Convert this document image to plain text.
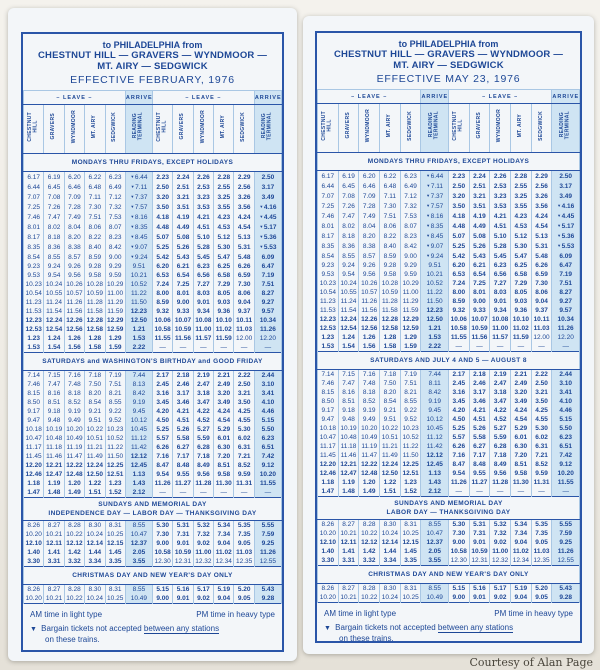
to PHILADELPHIA from
CHESTNUT HILL — GRAVERS — WYNDMOOR —
MT. AIRY — SEDGWICK
EFFECTIVE FEBRUARY, 1976
– LEAVE –					ARRIVE	– LEAVE –					ARRIVE
CHESTNUT
HILL	GRAVERS	WYNDMOOR	MT. AIRY	SEDGWICK	READING
TERMINAL	CHESTNUT
HILL	GRAVERS	WYNDMOOR	MT. AIRY	SEDGWICK	READING
TERMINAL
MONDAYS THRU FRIDAYS, EXCEPT HOLIDAYS											
6.17	6.19	6.20	6.22	6.23	▼6.44	2.23	2.24	2.26	2.28	2.29	2.50
6.44	6.45	6.46	6.48	6.49	▼7.11	2.50	2.51	2.53	2.55	2.56	3.17
7.07	7.08	7.09	7.11	7.12	▼7.37	3.20	3.21	3.23	3.25	3.26	3.49
7.25	7.26	7.28	7.30	7.32	▼7.57	3.50	3.51	3.53	3.55	3.56	▼4.16
7.46	7.47	7.49	7.51	7.53	▼8.16	4.18	4.19	4.21	4.23	4.24	▼4.45
8.01	8.02	8.04	8.06	8.07	▼8.35	4.48	4.49	4.51	4.53	4.54	▼5.17
8.17	8.18	8.20	8.22	8.23	▼8.45	5.07	5.08	5.10	5.12	5.13	▼5.36
8.35	8.36	8.38	8.40	8.42	▼9.07	5.25	5.26	5.28	5.30	5.31	▼5.53
8.54	8.55	8.57	8.59	9.00	▼9.24	5.42	5.43	5.45	5.47	5.48	6.09
9.23	9.24	9.26	9.28	9.29	9.51	6.20	6.21	6.23	6.25	6.26	6.47
9.53	9.54	9.56	9.58	9.59	10.21	6.53	6.54	6.56	6.58	6.59	7.19
10.23	10.24	10.26	10.28	10.29	10.52	7.24	7.25	7.27	7.29	7.30	7.51
10.54	10.55	10.57	10.59	11.00	11.22	8.00	8.01	8.03	8.05	8.06	8.27
11.23	11.24	11.26	11.28	11.29	11.50	8.59	9.00	9.01	9.03	9.04	9.27
11.53	11.54	11.56	11.58	11.59	12.23	9.32	9.33	9.34	9.36	9.37	9.57
12.23	12.24	12.26	12.28	12.29	12.50	10.06	10.07	10.08	10.10	10.11	10.34
12.53	12.54	12.56	12.58	12.59	1.21	10.58	10.59	11.00	11.02	11.03	11.26
1.23	1.24	1.26	1.28	1.29	1.53	11.55	11.56	11.57	11.59	12.00	12.20
1.53	1.54	1.56	1.58	1.59	2.22	—	—	—	—	—	—
SATURDAYS and WASHINGTON'S BIRTHDAY and GOOD FRIDAY											
7.14	7.15	7.16	7.18	7.19	7.44	2.17	2.18	2.19	2.21	2.22	2.44
7.46	7.47	7.48	7.50	7.51	8.13	2.45	2.46	2.47	2.49	2.50	3.10
8.15	8.16	8.18	8.20	8.21	8.42	3.16	3.17	3.18	3.20	3.21	3.41
8.50	8.51	8.52	8.54	8.55	9.19	3.45	3.46	3.47	3.49	3.50	4.10
9.17	9.18	9.19	9.21	9.22	9.45	4.20	4.21	4.22	4.24	4.25	4.46
9.47	9.48	9.49	9.51	9.52	10.12	4.50	4.51	4.52	4.54	4.55	5.15
10.18	10.19	10.20	10.22	10.23	10.45	5.25	5.26	5.27	5.29	5.30	5.50
10.47	10.48	10.49	10.51	10.52	11.12	5.57	5.58	5.59	6.01	6.02	6.23
11.17	11.18	11.19	11.21	11.22	11.42	6.26	6.27	6.28	6.30	6.31	6.51
11.45	11.46	11.47	11.49	11.50	12.12	7.16	7.17	7.18	7.20	7.21	7.42
12.20	12.21	12.22	12.24	12.25	12.45	8.47	8.48	8.49	8.51	8.52	9.12
12.46	12.47	12.48	12.50	12.51	1.13	9.54	9.55	9.56	9.58	9.59	10.20
1.18	1.19	1.20	1.22	1.23	1.43	11.26	11.27	11.28	11.30	11.31	11.55
1.47	1.48	1.49	1.51	1.52	2.12	—	—	—	—	—	—
SUNDAYS AND MEMORIAL DAY
INDEPENDENCE DAY — LABOR DAY — THANKSGIVING DAY											
8.26	8.27	8.28	8.30	8.31	8.55	5.30	5.31	5.32	5.34	5.35	5.55
10.20	10.21	10.22	10.24	10.25	10.47	7.30	7.31	7.32	7.34	7.35	7.59
12.10	12.11	12.12	12.14	12.15	12.37	9.00	9.01	9.02	9.04	9.05	9.25
1.40	1.41	1.42	1.44	1.45	2.05	10.58	10.59	11.00	11.02	11.03	11.26
3.30	3.31	3.32	3.34	3.35	3.55	12.30	12.31	12.32	12.34	12.35	12.55
CHRISTMAS DAY AND NEW YEAR'S DAY ONLY											
8.26	8.27	8.28	8.30	8.31	8.55	5.15	5.16	5.17	5.19	5.20	5.43
10.20	10.21	10.22	10.24	10.25	10.49	9.00	9.01	9.02	9.04	9.05	9.28
AM time in light type	PM time in heavy type
▼ Bargain tickets not accepted between any stations
on these trains.
to PHILADELPHIA from
CHESTNUT HILL — GRAVERS — WYNDMOOR —
MT. AIRY — SEDGWICK
EFFECTIVE MAY 23, 1976
– LEAVE –					ARRIVE	– LEAVE –					ARRIVE
CHESTNUT
HILL	GRAVERS	WYNDMOOR	MT. AIRY	SEDGWICK	READING
TERMINAL	CHESTNUT
HILL	GRAVERS	WYNDMOOR	MT. AIRY	SEDGWICK	READING
TERMINAL
MONDAYS THRU FRIDAYS, EXCEPT HOLIDAYS											
6.17	6.19	6.20	6.22	6.23	▼6.44	2.23	2.24	2.26	2.28	2.29	2.50
6.44	6.45	6.46	6.48	6.49	▼7.11	2.50	2.51	2.53	2.55	2.56	3.17
7.07	7.08	7.09	7.11	7.12	▼7.37	3.20	3.21	3.23	3.25	3.26	3.49
7.25	7.26	7.28	7.30	7.32	▼7.57	3.50	3.51	3.53	3.55	3.56	▼4.16
7.46	7.47	7.49	7.51	7.53	▼8.16	4.18	4.19	4.21	4.23	4.24	▼4.45
8.01	8.02	8.04	8.06	8.07	▼8.35	4.48	4.49	4.51	4.53	4.54	▼5.17
8.17	8.18	8.20	8.22	8.23	▼8.45	5.07	5.08	5.10	5.12	5.13	▼5.36
8.35	8.36	8.38	8.40	8.42	▼9.07	5.25	5.26	5.28	5.30	5.31	▼5.53
8.54	8.55	8.57	8.59	9.00	▼9.24	5.42	5.43	5.45	5.47	5.48	6.09
9.23	9.24	9.26	9.28	9.29	9.51	6.20	6.21	6.23	6.25	6.26	6.47
9.53	9.54	9.56	9.58	9.59	10.21	6.53	6.54	6.56	6.58	6.59	7.19
10.23	10.24	10.26	10.28	10.29	10.52	7.24	7.25	7.27	7.29	7.30	7.51
10.54	10.55	10.57	10.59	11.00	11.22	8.00	8.01	8.03	8.05	8.06	8.27
11.23	11.24	11.26	11.28	11.29	11.50	8.59	9.00	9.01	9.03	9.04	9.27
11.53	11.54	11.56	11.58	11.59	12.23	9.32	9.33	9.34	9.36	9.37	9.57
12.23	12.24	12.26	12.28	12.29	12.50	10.06	10.07	10.08	10.10	10.11	10.34
12.53	12.54	12.56	12.58	12.59	1.21	10.58	10.59	11.00	11.02	11.03	11.26
1.23	1.24	1.26	1.28	1.29	1.53	11.55	11.56	11.57	11.59	12.00	12.20
1.53	1.54	1.56	1.58	1.59	2.22	—	—	—	—	—	—
SATURDAYS AND JULY 4 AND 5 — AUGUST 8											
7.14	7.15	7.16	7.18	7.19	7.44	2.17	2.18	2.19	2.21	2.22	2.44
7.46	7.47	7.48	7.50	7.51	8.11	2.45	2.46	2.47	2.49	2.50	3.10
8.15	8.16	8.18	8.20	8.21	8.42	3.16	3.17	3.18	3.20	3.21	3.41
8.50	8.51	8.52	8.54	8.55	9.19	3.45	3.46	3.47	3.49	3.50	4.10
9.17	9.18	9.19	9.21	9.22	9.45	4.20	4.21	4.22	4.24	4.25	4.46
9.47	9.48	9.49	9.51	9.52	10.12	4.50	4.51	4.52	4.54	4.55	5.15
10.18	10.19	10.20	10.22	10.23	10.45	5.25	5.26	5.27	5.29	5.30	5.50
10.47	10.48	10.49	10.51	10.52	11.12	5.57	5.58	5.59	6.01	6.02	6.23
11.17	11.18	11.19	11.21	11.22	11.42	6.26	6.27	6.28	6.30	6.31	6.51
11.45	11.46	11.47	11.49	11.50	12.12	7.16	7.17	7.18	7.20	7.21	7.42
12.20	12.21	12.22	12.24	12.25	12.45	8.47	8.48	8.49	8.51	8.52	9.12
12.46	12.47	12.48	12.50	12.51	1.13	9.54	9.55	9.56	9.58	9.59	10.20
1.18	1.19	1.20	1.22	1.23	1.43	11.26	11.27	11.28	11.30	11.31	11.55
1.47	1.48	1.49	1.51	1.52	2.12	—	—	—	—	—	—
SUNDAYS AND MEMORIAL DAY
LABOR DAY — THANKSGIVING DAY											
8.26	8.27	8.28	8.30	8.31	8.55	5.30	5.31	5.32	5.34	5.35	5.55
10.20	10.21	10.22	10.24	10.25	10.47	7.30	7.31	7.32	7.34	7.35	7.59
12.10	12.11	12.12	12.14	12.15	12.37	9.00	9.01	9.02	9.04	9.05	9.25
1.40	1.41	1.42	1.44	1.45	2.05	10.58	10.59	11.00	11.02	11.03	11.26
3.30	3.31	3.32	3.34	3.35	3.55	12.30	12.31	12.32	12.34	12.35	12.55
CHRISTMAS DAY AND NEW YEAR'S DAY ONLY											
8.26	8.27	8.28	8.30	8.31	8.55	5.15	5.16	5.17	5.19	5.20	5.43
10.20	10.21	10.22	10.24	10.25	10.49	9.00	9.01	9.02	9.04	9.05	9.28
AM time in light type	PM time in heavy type
▼ Bargain tickets not accepted between any stations
on these trains.
Courtesy of Alan Page
